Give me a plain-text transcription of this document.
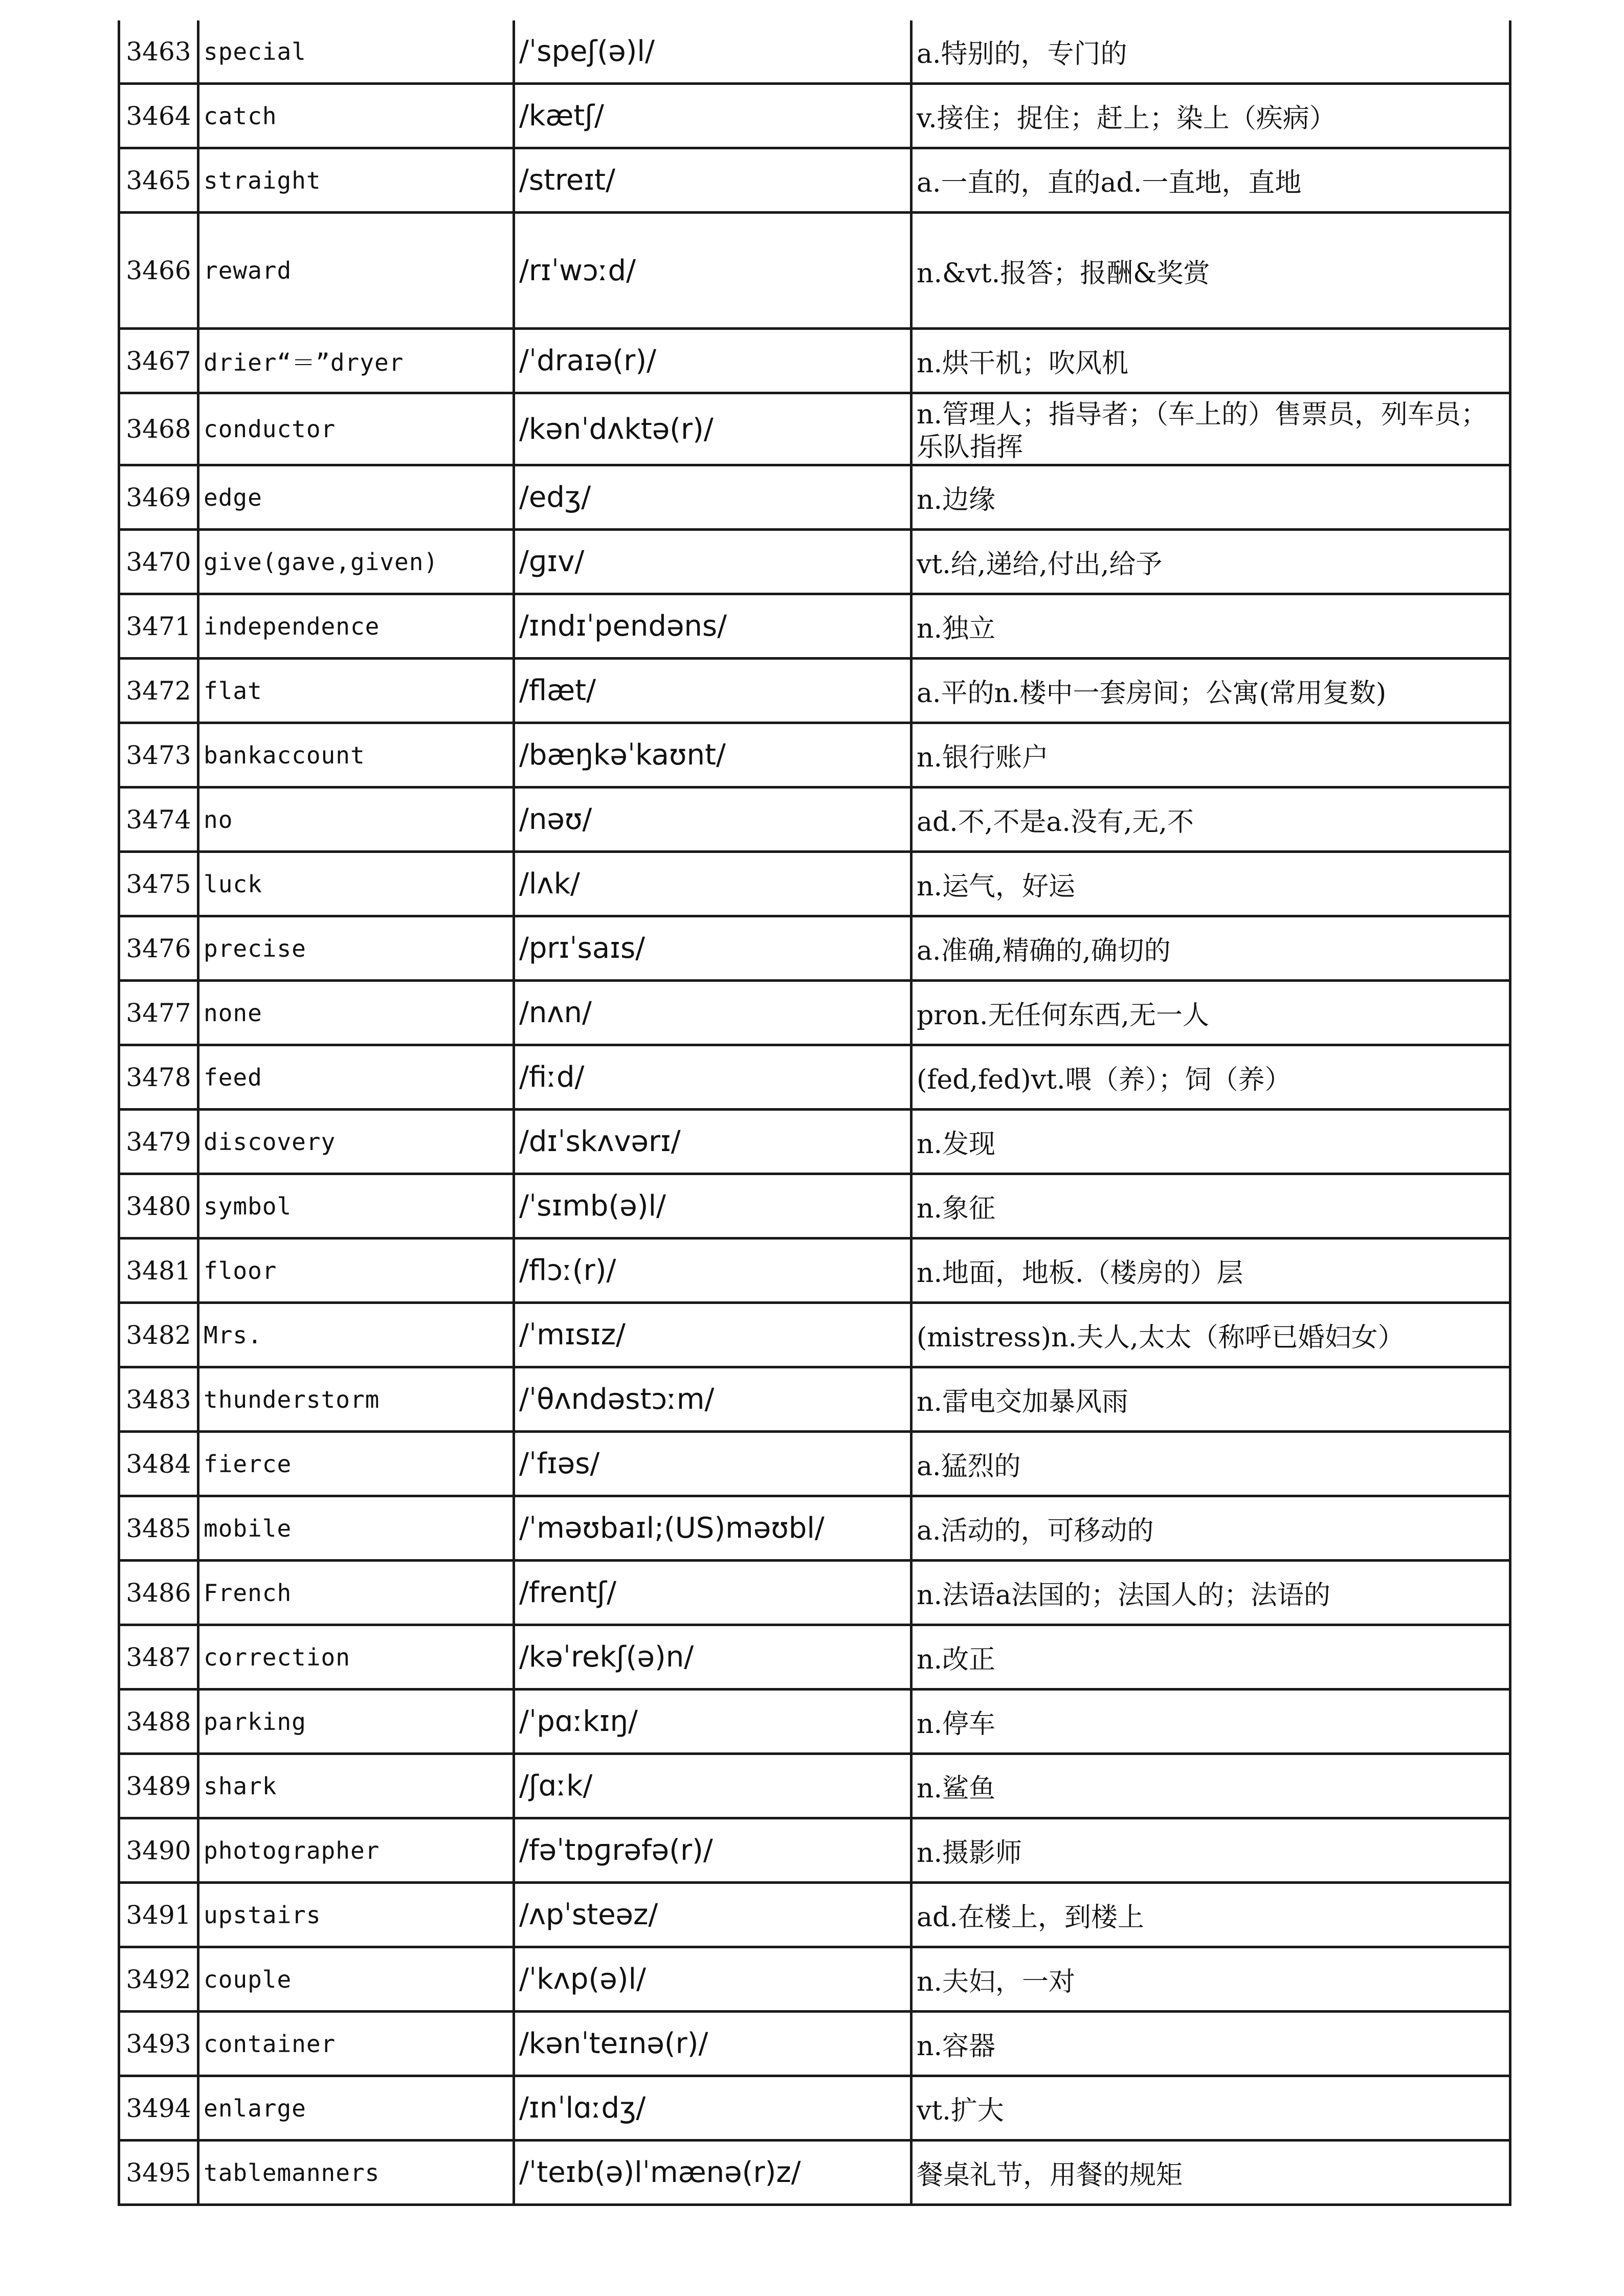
3463	special	/ˈspeʃ(ə)l/	a.特别的，专门的
3464	catch	/kætʃ/	v.接住；捉住；赶上；染上（疾病）
3465	straight	/streɪt/	a.一直的，直的ad.一直地，直地
3466	reward	/rɪˈwɔːd/	n.&vt.报答；报酬&奖赏
3467	drier“＝”dryer	/ˈdraɪə(r)/	n.烘干机；吹风机
3468	conductor	/kənˈdʌktə(r)/	n.管理人；指导者；（车上的）售票员，列车员；乐队指挥
3469	edge	/edʒ/	n.边缘
3470	give(gave,given)	/ɡɪv/	vt.给,递给,付出,给予
3471	independence	/ɪndɪˈpendəns/	n.独立
3472	flat	/flæt/	a.平的n.楼中一套房间；公寓(常用复数)
3473	bankaccount	/bæŋkəˈkaʊnt/	n.银行账户
3474	no	/nəʊ/	ad.不,不是a.没有,无,不
3475	luck	/lʌk/	n.运气，好运
3476	precise	/prɪˈsaɪs/	a.准确,精确的,确切的
3477	none	/nʌn/	pron.无任何东西,无一人
3478	feed	/fiːd/	(fed,fed)vt.喂（养）；饲（养）
3479	discovery	/dɪˈskʌvərɪ/	n.发现
3480	symbol	/ˈsɪmb(ə)l/	n.象征
3481	floor	/flɔː(r)/	n.地面，地板.（楼房的）层
3482	Mrs.	/ˈmɪsɪz/	(mistress)n.夫人,太太（称呼已婚妇女）
3483	thunderstorm	/ˈθʌndəstɔːm/	n.雷电交加暴风雨
3484	fierce	/ˈfɪəs/	a.猛烈的
3485	mobile	/ˈməʊbaɪl;(US)məʊbl/	a.活动的，可移动的
3486	French	/frentʃ/	n.法语a法国的；法国人的；法语的
3487	correction	/kəˈrekʃ(ə)n/	n.改正
3488	parking	/ˈpɑːkɪŋ/	n.停车
3489	shark	/ʃɑːk/	n.鲨鱼
3490	photographer	/fəˈtɒɡrəfə(r)/	n.摄影师
3491	upstairs	/ʌpˈsteəz/	ad.在楼上，到楼上
3492	couple	/ˈkʌp(ə)l/	n.夫妇，一对
3493	container	/kənˈteɪnə(r)/	n.容器
3494	enlarge	/ɪnˈlɑːdʒ/	vt.扩大
3495	tablemanners	/ˈteɪb(ə)lˈmænə(r)z/	餐桌礼节，用餐的规矩
